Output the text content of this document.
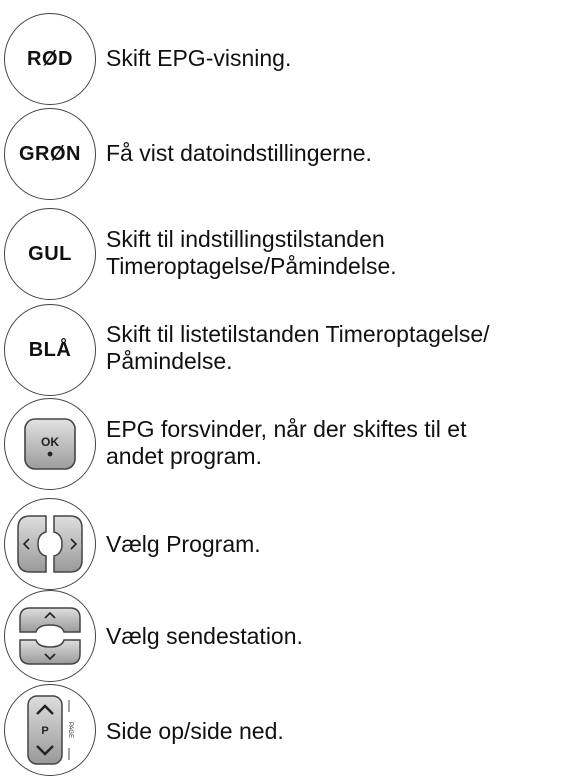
RØD Skift EPG-visning.
GRØN Få vist datoindstillingerne.
GUL
Skift til indstillingstilstanden
Timeroptagelse/Påmindelse.
BLÅ
Skift til listetilstanden Timeroptagelse/
Påmindelse.
OK EPG forsvinder, når der skiftes til et
andet program.
Vælg Program.
Vælg sendestation.
P	PAGE Side op/side ned.
